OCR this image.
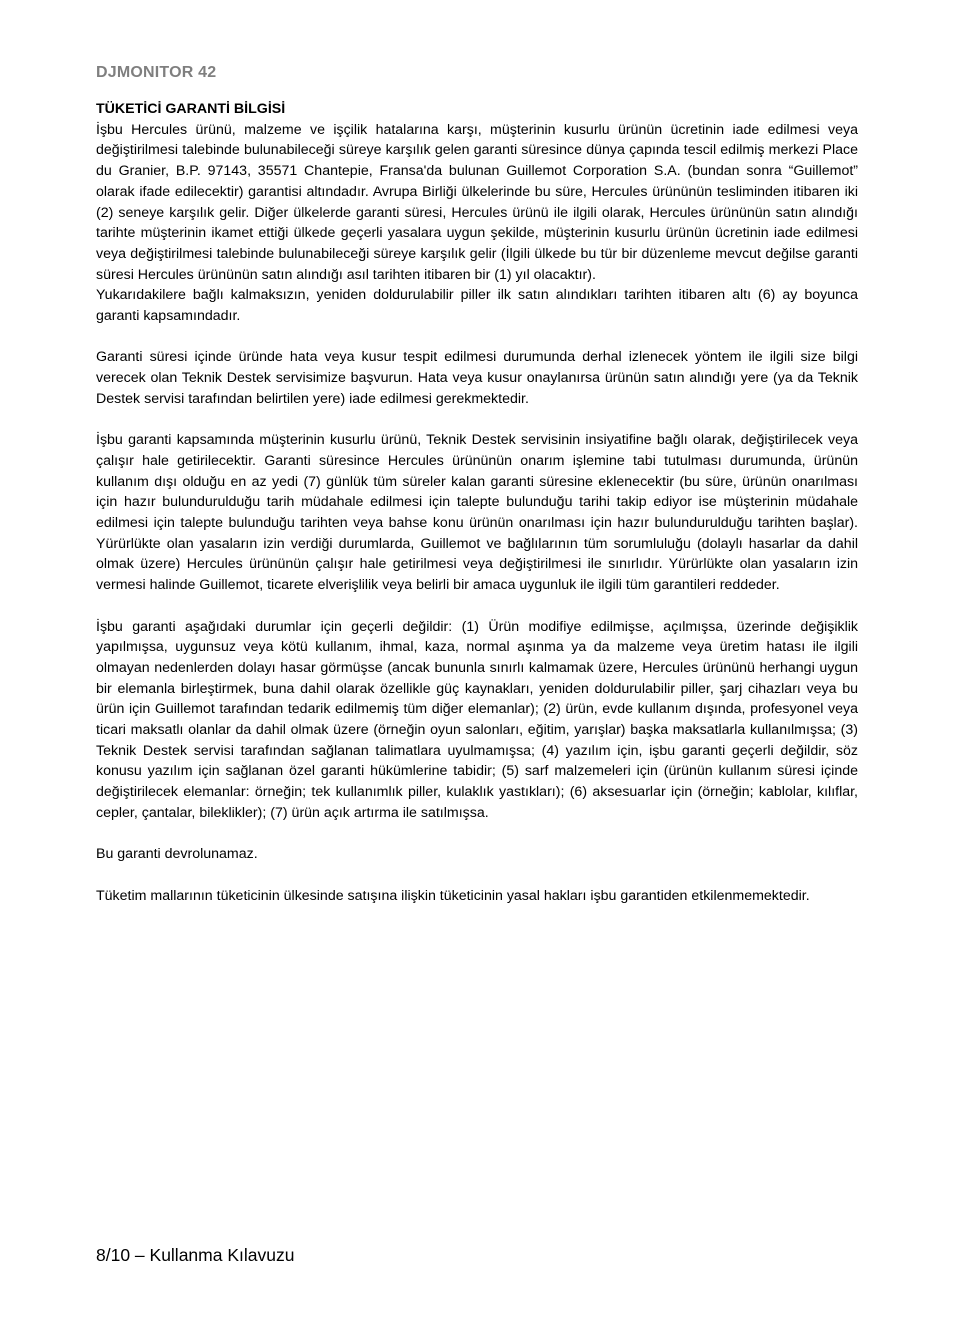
DJMONITOR 42
TÜKETİCİ GARANTİ BİLGİSİ

İşbu Hercules ürünü, malzeme ve işçilik hatalarına karşı, müşterinin kusurlu ürünün ücretinin iade edilmesi veya değiştirilmesi talebinde bulunabileceği süreye karşılık gelen garanti süresince dünya çapında tescil edilmiş merkezi Place du Granier, B.P. 97143, 35571 Chantepie, Fransa'da bulunan Guillemot Corporation S.A. (bundan sonra “Guillemot” olarak ifade edilecektir) garantisi altındadır. Avrupa Birliği ülkelerinde bu süre, Hercules ürününün tesliminden itibaren iki (2) seneye karşılık gelir. Diğer ülkelerde garanti süresi, Hercules ürünü ile ilgili olarak, Hercules ürününün satın alındığı tarihte müşterinin ikamet ettiği ülkede geçerli yasalara uygun şekilde, müşterinin kusurlu ürünün ücretinin iade edilmesi veya değiştirilmesi talebinde bulunabileceği süreye karşılık gelir (İlgili ülkede bu tür bir düzenleme mevcut değilse garanti süresi Hercules ürününün satın alındığı asıl tarihten itibaren bir (1) yıl olacaktır).

Yukarıdakilere bağlı kalmaksızın, yeniden doldurulabilir piller ilk satın alındıkları tarihten itibaren altı (6) ay boyunca garanti kapsamındadır.

Garanti süresi içinde üründe hata veya kusur tespit edilmesi durumunda derhal izlenecek yöntem ile ilgili size bilgi verecek olan Teknik Destek servisimize başvurun. Hata veya kusur onaylanırsa ürünün satın alındığı yere (ya da Teknik Destek servisi tarafından belirtilen yere) iade edilmesi gerekmektedir.

İşbu garanti kapsamında müşterinin kusurlu ürünü, Teknik Destek servisinin insiyatifine bağlı olarak, değiştirilecek veya çalışır hale getirilecektir. Garanti süresince Hercules ürününün onarım işlemine tabi tutulması durumunda, ürünün kullanım dışı olduğu en az yedi (7) günlük tüm süreler kalan garanti süresine eklenecektir (bu süre, ürünün onarılması için hazır bulundurulduğu tarih müdahale edilmesi için talepte bulunduğu tarihi takip ediyor ise müşterinin müdahale edilmesi için talepte bulunduğu tarihten veya bahse konu ürünün onarılması için hazır bulundurulduğu tarihten başlar). Yürürlükte olan yasaların izin verdiği durumlarda, Guillemot ve bağlılarının tüm sorumluluğu (dolaylı hasarlar da dahil olmak üzere) Hercules ürününün çalışır hale getirilmesi veya değiştirilmesi ile sınırlıdır. Yürürlükte olan yasaların izin vermesi halinde Guillemot, ticarete elverişlilik veya belirli bir amaca uygunluk ile ilgili tüm garantileri reddeder.

İşbu garanti aşağıdaki durumlar için geçerli değildir: (1) Ürün modifiye edilmişse, açılmışsa, üzerinde değişiklik yapılmışsa, uygunsuz veya kötü kullanım, ihmal, kaza, normal aşınma ya da malzeme veya üretim hatası ile ilgili olmayan nedenlerden dolayı hasar görmüşse (ancak bununla sınırlı kalmamak üzere, Hercules ürününü herhangi uygun bir elemanla birleştirmek, buna dahil olarak özellikle güç kaynakları, yeniden doldurulabilir piller, şarj cihazları veya bu ürün için Guillemot tarafından tedarik edilmemiş tüm diğer elemanlar); (2) ürün, evde kullanım dışında, profesyonel veya ticari maksatlı olanlar da dahil olmak üzere (örneğin oyun salonları, eğitim, yarışlar) başka maksatlarla kullanılmışsa; (3) Teknik Destek servisi tarafından sağlanan talimatlara uyulmamışsa; (4) yazılım için, işbu garanti geçerli değildir, söz konusu yazılım için sağlanan özel garanti hükümlerine tabidir; (5) sarf malzemeleri için (ürünün kullanım süresi içinde değiştirilecek elemanlar: örneğin; tek kullanımlık piller, kulaklık yastıkları); (6) aksesuarlar için (örneğin; kablolar, kılıflar, cepler, çantalar, bileklikler); (7) ürün açık artırma ile satılmışsa.

Bu garanti devrolunamaz.

Tüketim mallarının tüketicinin ülkesinde satışına ilişkin tüketicinin yasal hakları işbu garantiden etkilenmemektedir.

8/10 – Kullanma Kılavuzu
